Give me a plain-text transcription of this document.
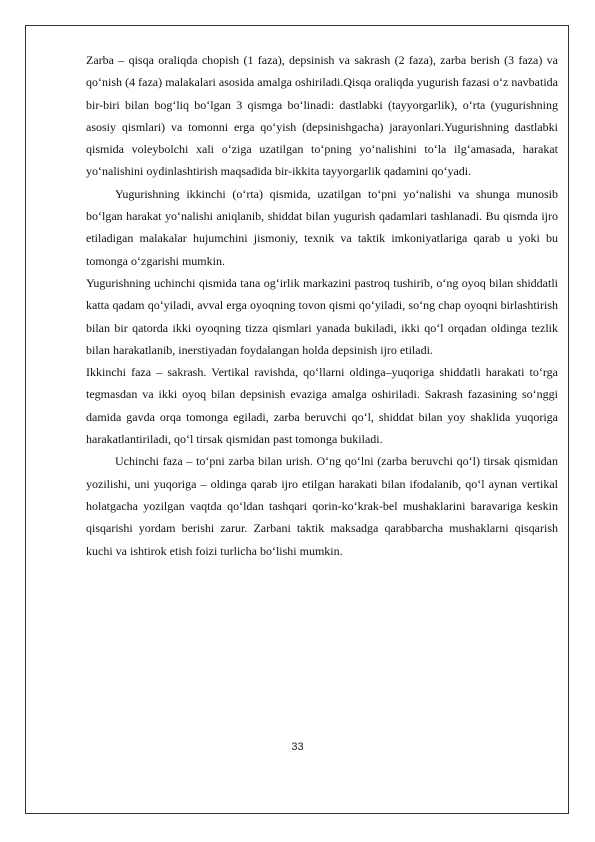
Zarba – qisqa oraliqda chopish (1 faza), depsinish va sakrash (2 faza), zarba berish (3 faza) va qo‘nish (4 faza) malakalari asosida amalga oshiriladi.Qisqa oraliqda yugurish fazasi o‘z navbatida bir-biri bilan bog‘liq bo‘lgan 3 qismga bo‘linadi: dastlabki (tayyorgarlik), o‘rta (yugurishning asosiy qismlari) va tomonni erga qo‘yish (depsinishgacha) jarayonlari.Yugurishning dastlabki qismida voleybolchi xali o‘ziga uzatilgan to‘pning yo‘nalishini to‘la ilg‘amasada, harakat yo‘nalishini oydinlashtirish maqsadida bir-ikkita tayyorgarlik qadamini qo‘yadi.

Yugurishning ikkinchi (o‘rta) qismida, uzatilgan to‘pni yo‘nalishi va shunga munosib bo‘lgan harakat yo‘nalishi aniqlanib, shiddat bilan yugurish qadamlari tashlanadi. Bu qismda ijro etiladigan malakalar hujumchini jismoniy, texnik va taktik imkoniyatlariga qarab u yoki bu tomonga o‘zgarishi mumkin.

Yugurishning uchinchi qismida tana og‘irlik markazini pastroq tushirib, o‘ng oyoq bilan shiddatli katta qadam qo‘yiladi, avval erga oyoqning tovon qismi qo‘yiladi, so‘ng chap oyoqni birlashtirish bilan bir qatorda ikki oyoqning tizza qismlari yanada bukiladi, ikki qo‘l orqadan oldinga tezlik bilan harakatlanib, inerstiyadan foydalangan holda depsinish ijro etiladi.

Ikkinchi faza – sakrash. Vertikal ravishda, qo‘llarni oldinga–yuqoriga shiddatli harakati to‘rga tegmasdan va ikki oyoq bilan depsinish evaziga amalga oshiriladi. Sakrash fazasining so‘nggi damida gavda orqa tomonga egiladi, zarba beruvchi qo‘l, shiddat bilan yoy shaklida yuqoriga harakatlantiriladi, qo‘l tirsak qismidan past tomonga bukiladi.

Uchinchi faza – to‘pni zarba bilan urish. O‘ng qo‘lni (zarba beruvchi qo‘l) tirsak qismidan yozilishi, uni yuqoriga – oldinga qarab ijro etilgan harakati bilan ifodalanib, qo‘l aynan vertikal holatgacha yozilgan vaqtda qo‘ldan tashqari qorin-ko‘krak-bel mushaklarini baravariga keskin qisqarishi yordam berishi zarur. Zarbani taktik maksadga qarabbarcha mushaklarni qisqarish kuchi va ishtirok etish foizi turlicha bo‘lishi mumkin.

33
